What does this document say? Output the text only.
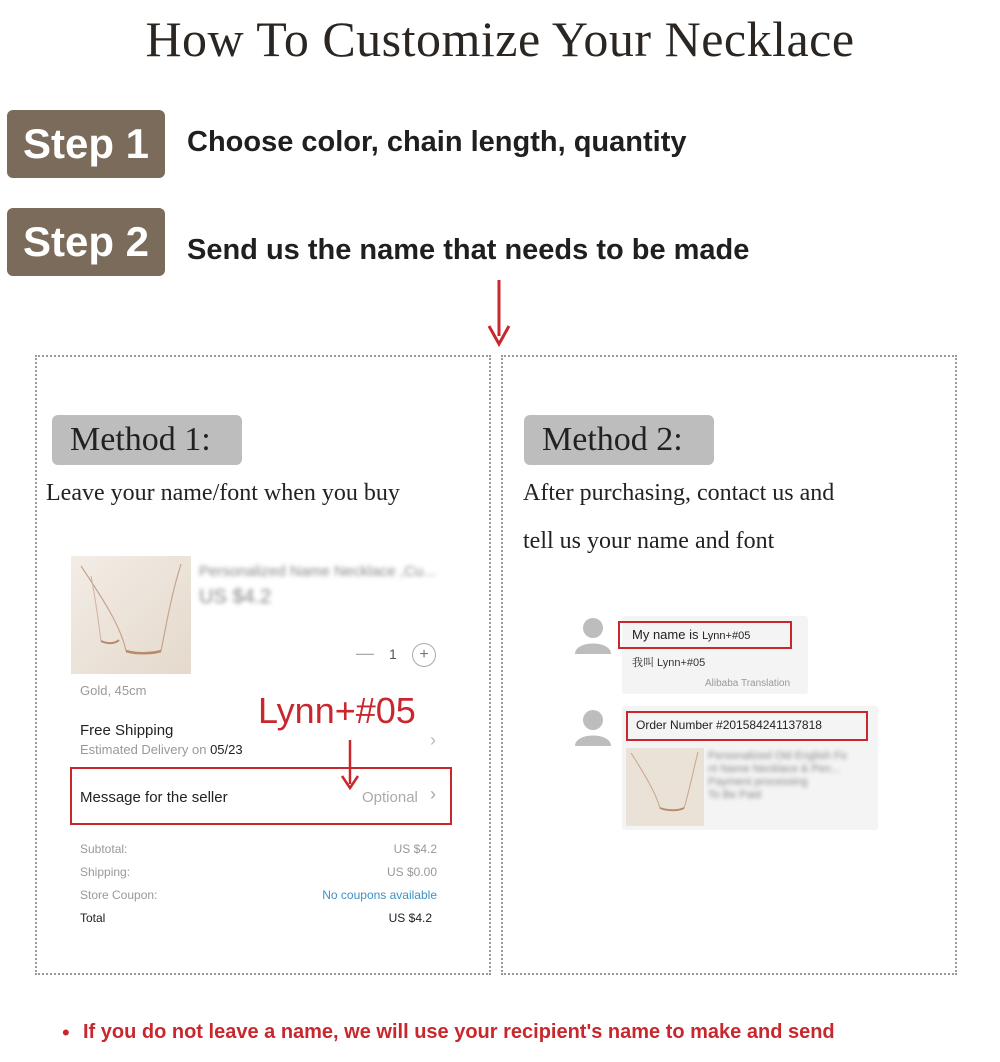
How To Customize Your Necklace
Step 1	Choose color, chain length, quantity
Step 2	Send us the name that needs to be made
Method 1:
Leave your name/font when you buy
Personalized Name Necklace ,Cu...
US $4.2
— 1	+
Gold, 45cm
Free Shipping
Estimated Delivery on 05/23	›
Lynn+#05
Message for the seller	Optional ›
Subtotal:	US $4.2
Shipping:	US $0.00
Store Coupon:	No coupons available
Total	US $4.2
Method 2:
After purchasing, contact us and
tell us your name and font
My name is Lynn+#05
我叫 Lynn+#05
Alibaba Translation
Order Number #201584241137818
Personalized Old English Fo
nt Name Necklace & Pen...
Payment processing
To Be Paid
• If you do not leave a name, we will use your recipient's name to make and send
